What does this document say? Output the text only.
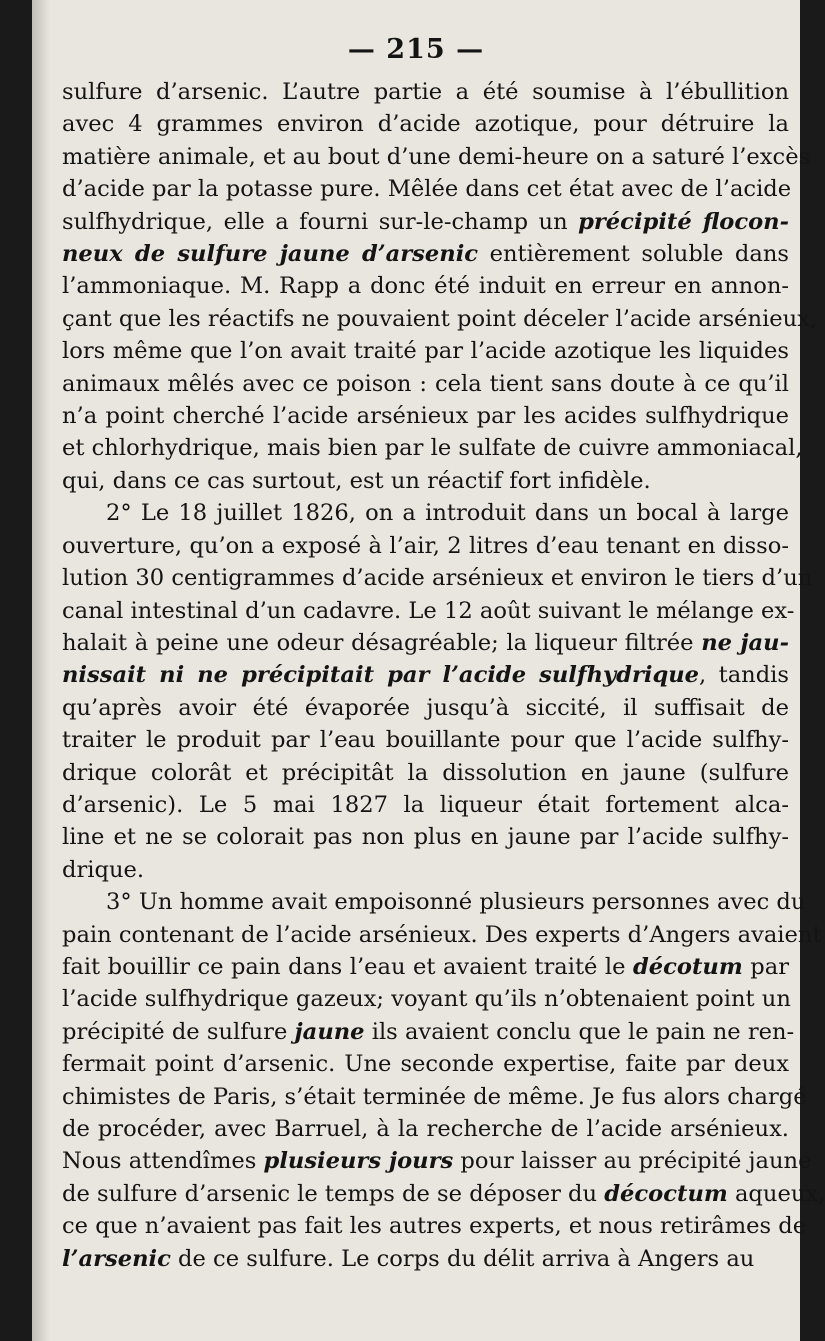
— 215 —

sulfure d’arsenic. L’autre partie a été soumise à l’ébullition
avec 4 grammes environ d’acide azotique, pour détruire la
matière animale, et au bout d’une demi-heure on a saturé l’excès
d’acide par la potasse pure. Mêlée dans cet état avec de l’acide
sulfhydrique, elle a fourni sur-le-champ un précipité flocon-
neux de sulfure jaune d’arsenic entièrement soluble dans
l’ammoniaque. M. Rapp a donc été induit en erreur en annon-
çant que les réactifs ne pouvaient point déceler l’acide arsénieux,
lors même que l’on avait traité par l’acide azotique les liquides
animaux mêlés avec ce poison : cela tient sans doute à ce qu’il
n’a point cherché l’acide arsénieux par les acides sulfhydrique
et chlorhydrique, mais bien par le sulfate de cuivre ammoniacal,
qui, dans ce cas surtout, est un réactif fort infidèle.

2° Le 18 juillet 1826, on a introduit dans un bocal à large
ouverture, qu’on a exposé à l’air, 2 litres d’eau tenant en disso-
lution 30 centigrammes d’acide arsénieux et environ le tiers d’un
canal intestinal d’un cadavre. Le 12 août suivant le mélange ex-
halait à peine une odeur désagréable; la liqueur filtrée ne jau-
nissait ni ne précipitait par l’acide sulfhydrique, tandis
qu’après avoir été évaporée jusqu’à siccité, il suffisait de
traiter le produit par l’eau bouillante pour que l’acide sulfhy-
drique colorât et précipitât la dissolution en jaune (sulfure
d’arsenic). Le 5 mai 1827 la liqueur était fortement alca-
line et ne se colorait pas non plus en jaune par l’acide sulfhy-
drique.

3° Un homme avait empoisonné plusieurs personnes avec du
pain contenant de l’acide arsénieux. Des experts d’Angers avaient
fait bouillir ce pain dans l’eau et avaient traité le décotum par
l’acide sulfhydrique gazeux; voyant qu’ils n’obtenaient point un
précipité de sulfure jaune ils avaient conclu que le pain ne ren-
fermait point d’arsenic. Une seconde expertise, faite par deux
chimistes de Paris, s’était terminée de même. Je fus alors chargé
de procéder, avec Barruel, à la recherche de l’acide arsénieux.
Nous attendîmes plusieurs jours pour laisser au précipité jaune
de sulfure d’arsenic le temps de se déposer du décoctum aqueux,
ce que n’avaient pas fait les autres experts, et nous retirâmes de
l’arsenic de ce sulfure. Le corps du délit arriva à Angers au
